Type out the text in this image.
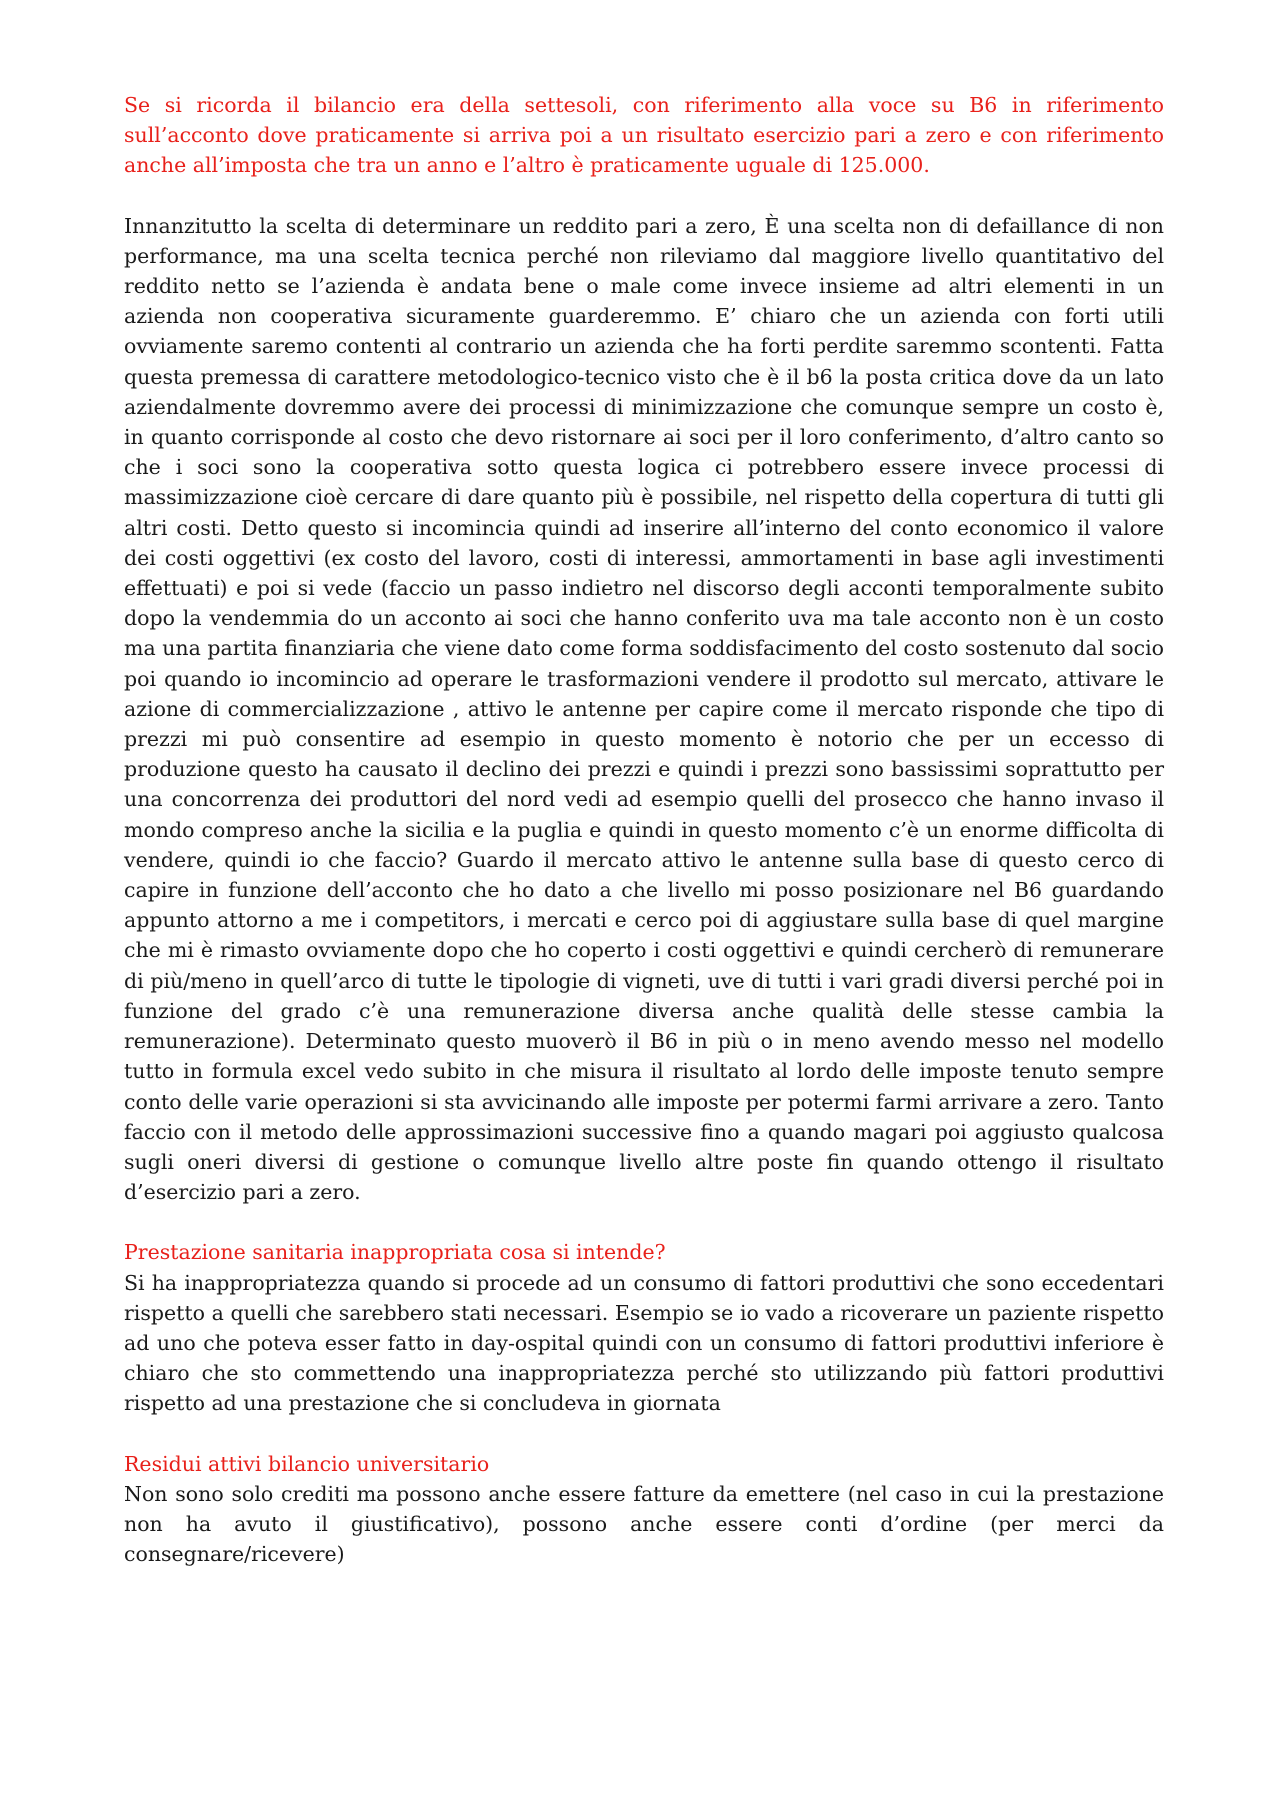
Se si ricorda il bilancio era della settesoli, con riferimento alla voce su B6 in riferimento sull’acconto dove praticamente si arriva poi a un risultato esercizio pari a zero e con riferimento anche all’imposta che tra un anno e l’altro è praticamente uguale di 125.000.

Innanzitutto la scelta di determinare un reddito pari a zero, È una scelta non di defaillance di non performance, ma una scelta tecnica perché non rileviamo dal maggiore livello quantitativo del reddito netto se l’azienda è andata bene o male come invece insieme ad altri elementi in un azienda non cooperativa sicuramente guarderemmo. E’ chiaro che un azienda con forti utili ovviamente saremo contenti al contrario un azienda che ha forti perdite saremmo scontenti. Fatta questa premessa di carattere metodologico-tecnico visto che è il b6 la posta critica dove da un lato aziendalmente dovremmo avere dei processi di minimizzazione che comunque sempre un costo è, in quanto corrisponde al costo che devo ristornare ai soci per il loro conferimento, d’altro canto so che i soci sono la cooperativa sotto questa logica ci potrebbero essere invece processi di massimizzazione cioè cercare di dare quanto più è possibile, nel rispetto della copertura di tutti gli altri costi. Detto questo si incomincia quindi ad inserire all’interno del conto economico il valore dei costi oggettivi (ex costo del lavoro, costi di interessi, ammortamenti in base agli investimenti effettuati) e poi si vede (faccio un passo indietro nel discorso degli acconti temporalmente subito dopo la vendemmia do un acconto ai soci che hanno conferito uva ma tale acconto non è un costo ma una partita finanziaria che viene dato come forma soddisfacimento del costo sostenuto dal socio poi quando io incomincio ad operare le trasformazioni vendere il prodotto sul mercato, attivare le azione di commercializzazione , attivo le antenne per capire come il mercato risponde che tipo di prezzi mi può consentire ad esempio in questo momento è notorio che per un eccesso di produzione questo ha causato il declino dei prezzi e quindi i prezzi sono bassissimi soprattutto per una concorrenza dei produttori del nord vedi ad esempio quelli del prosecco che hanno invaso il mondo compreso anche la sicilia e la puglia e quindi in questo momento c’è un enorme difficolta di vendere, quindi io che faccio? Guardo il mercato attivo le antenne sulla base di questo cerco di capire in funzione dell’acconto che ho dato a che livello mi posso posizionare nel B6 guardando appunto attorno a me i competitors, i mercati e cerco poi di aggiustare sulla base di quel margine che mi è rimasto ovviamente dopo che ho coperto i costi oggettivi e quindi cercherò di remunerare di più/meno in quell’arco di tutte le tipologie di vigneti, uve di tutti i vari gradi diversi perché poi in funzione del grado c’è una remunerazione diversa anche qualità delle stesse cambia la remunerazione). Determinato questo muoverò il B6 in più o in meno avendo messo nel modello tutto in formula excel vedo subito in che misura il risultato al lordo delle imposte tenuto sempre conto delle varie operazioni si sta avvicinando alle imposte per potermi farmi arrivare a zero. Tanto faccio con il metodo delle approssimazioni successive fino a quando magari poi aggiusto qualcosa sugli oneri diversi di gestione o comunque livello altre poste fin quando ottengo il risultato d’esercizio pari a zero.

Prestazione sanitaria inappropriata cosa si intende?

Si ha inappropriatezza quando si procede ad un consumo di fattori produttivi che sono eccedentari rispetto a quelli che sarebbero stati necessari. Esempio se io vado a ricoverare un paziente rispetto ad uno che poteva esser fatto in day-ospital quindi con un consumo di fattori produttivi inferiore è chiaro che sto commettendo una inappropriatezza perché sto utilizzando più fattori produttivi rispetto ad una prestazione che si concludeva in giornata

Residui attivi bilancio universitario

Non sono solo crediti ma possono anche essere fatture da emettere (nel caso in cui la prestazione non ha avuto il giustificativo), possono anche essere conti d’ordine (per merci da consegnare/ricevere)
